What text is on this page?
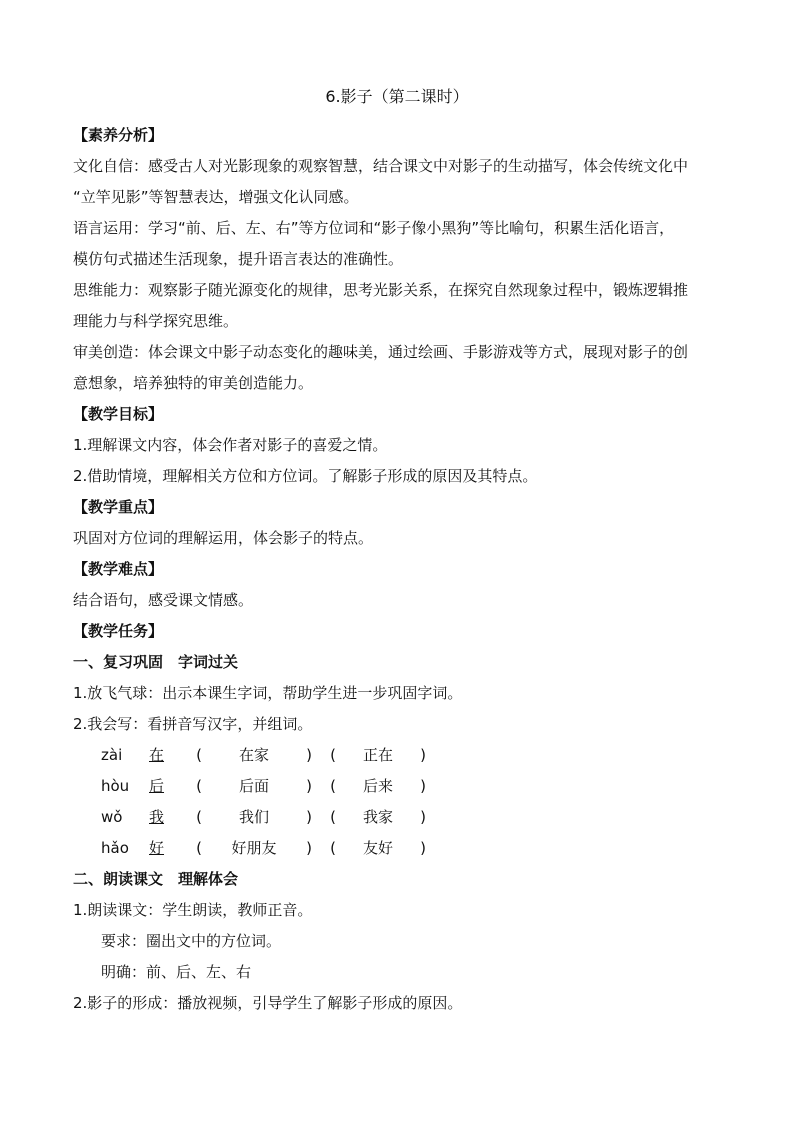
6.影子（第二课时）
【素养分析】
文化自信：感受古人对光影现象的观察智慧，结合课文中对影子的生动描写，体会传统文化中
“立竿见影”等智慧表达，增强文化认同感。
语言运用：学习“前、后、左、右”等方位词和“影子像小黑狗”等比喻句，积累生活化语言，
模仿句式描述生活现象，提升语言表达的准确性。
思维能力：观察影子随光源变化的规律，思考光影关系，在探究自然现象过程中，锻炼逻辑推
理能力与科学探究思维。
审美创造：体会课文中影子动态变化的趣味美，通过绘画、手影游戏等方式，展现对影子的创
意想象，培养独特的审美创造能力。
【教学目标】
1.理解课文内容，体会作者对影子的喜爱之情。
2.借助情境，理解相关方位和方位词。了解影子形成的原因及其特点。
【教学重点】
巩固对方位词的理解运用，体会影子的特点。
【教学难点】
结合语句，感受课文情感。
【教学任务】
一、复习巩固　字词过关
1.放飞气球：出示本课生字词，帮助学生进一步巩固字词。
2.我会写：看拼音写汉字，并组词。
zài	在	( 在家 )	( 正在 )
hòu	后	( 后面 )	( 后来 )
wǒ	我	( 我们 )	( 我家 )
hǎo	好	( 好朋友 )	( 友好 )
二、朗读课文　理解体会
1.朗读课文：学生朗读，教师正音。
要求：圈出文中的方位词。
明确：前、后、左、右
2.影子的形成：播放视频，引导学生了解影子形成的原因。
